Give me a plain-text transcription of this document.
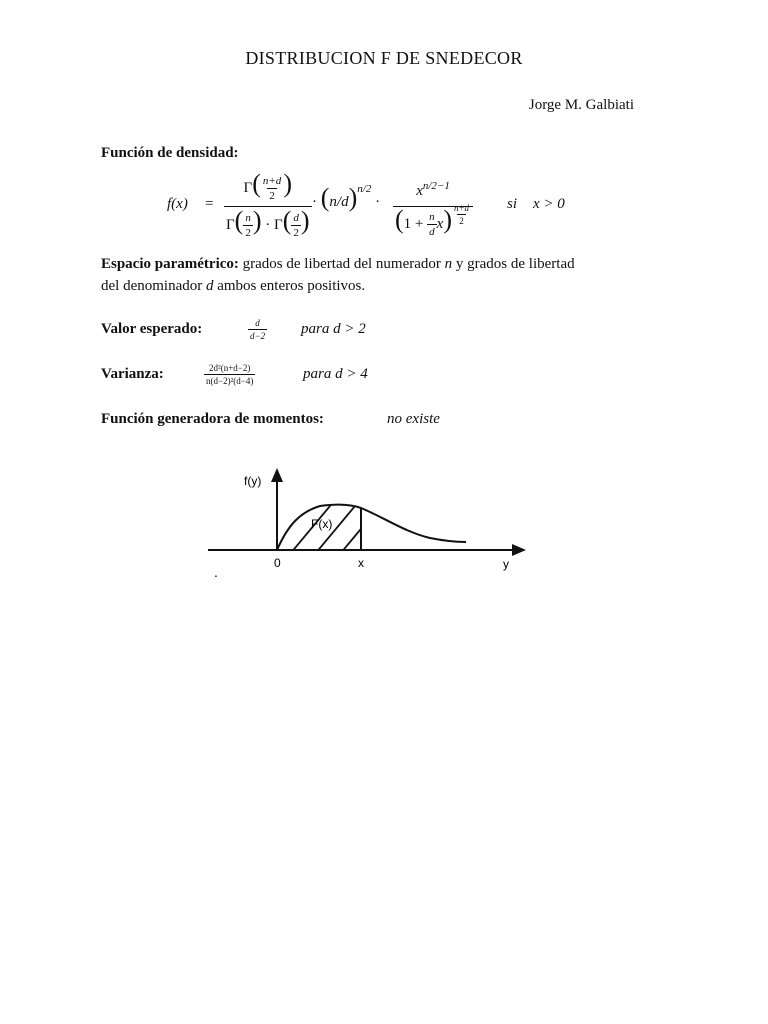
DISTRIBUCION F DE SNEDECOR
Jorge M. Galbiati
Función de densidad:
$f(x) = \frac{\Gamma( \frac{n+d}{2} )}{\Gamma( \frac{n}{2} ) \cdot \Gamma( \frac{d}{2} )} \cdot (n/d)^{n/2} \cdot x^{n/2-1}$
$(1 + \frac{n}{d} x)$ $^{\frac{n+d}{2}}$ si x > 0
Espacio paramétrico: grados de libertad del numerador n y grados de libertad
del denominador d ambos enteros positivos.
Valor esperado:	$\frac{d}{d-2}$ para d > 2
Varianza:	$\frac{\text{2d²(n+d−2)}}{\text{n(d−2)²(d−4)}}$	para d > 4
Función generadora de momentos:	no existe
f(y)
F(x)
0	x	y
.
